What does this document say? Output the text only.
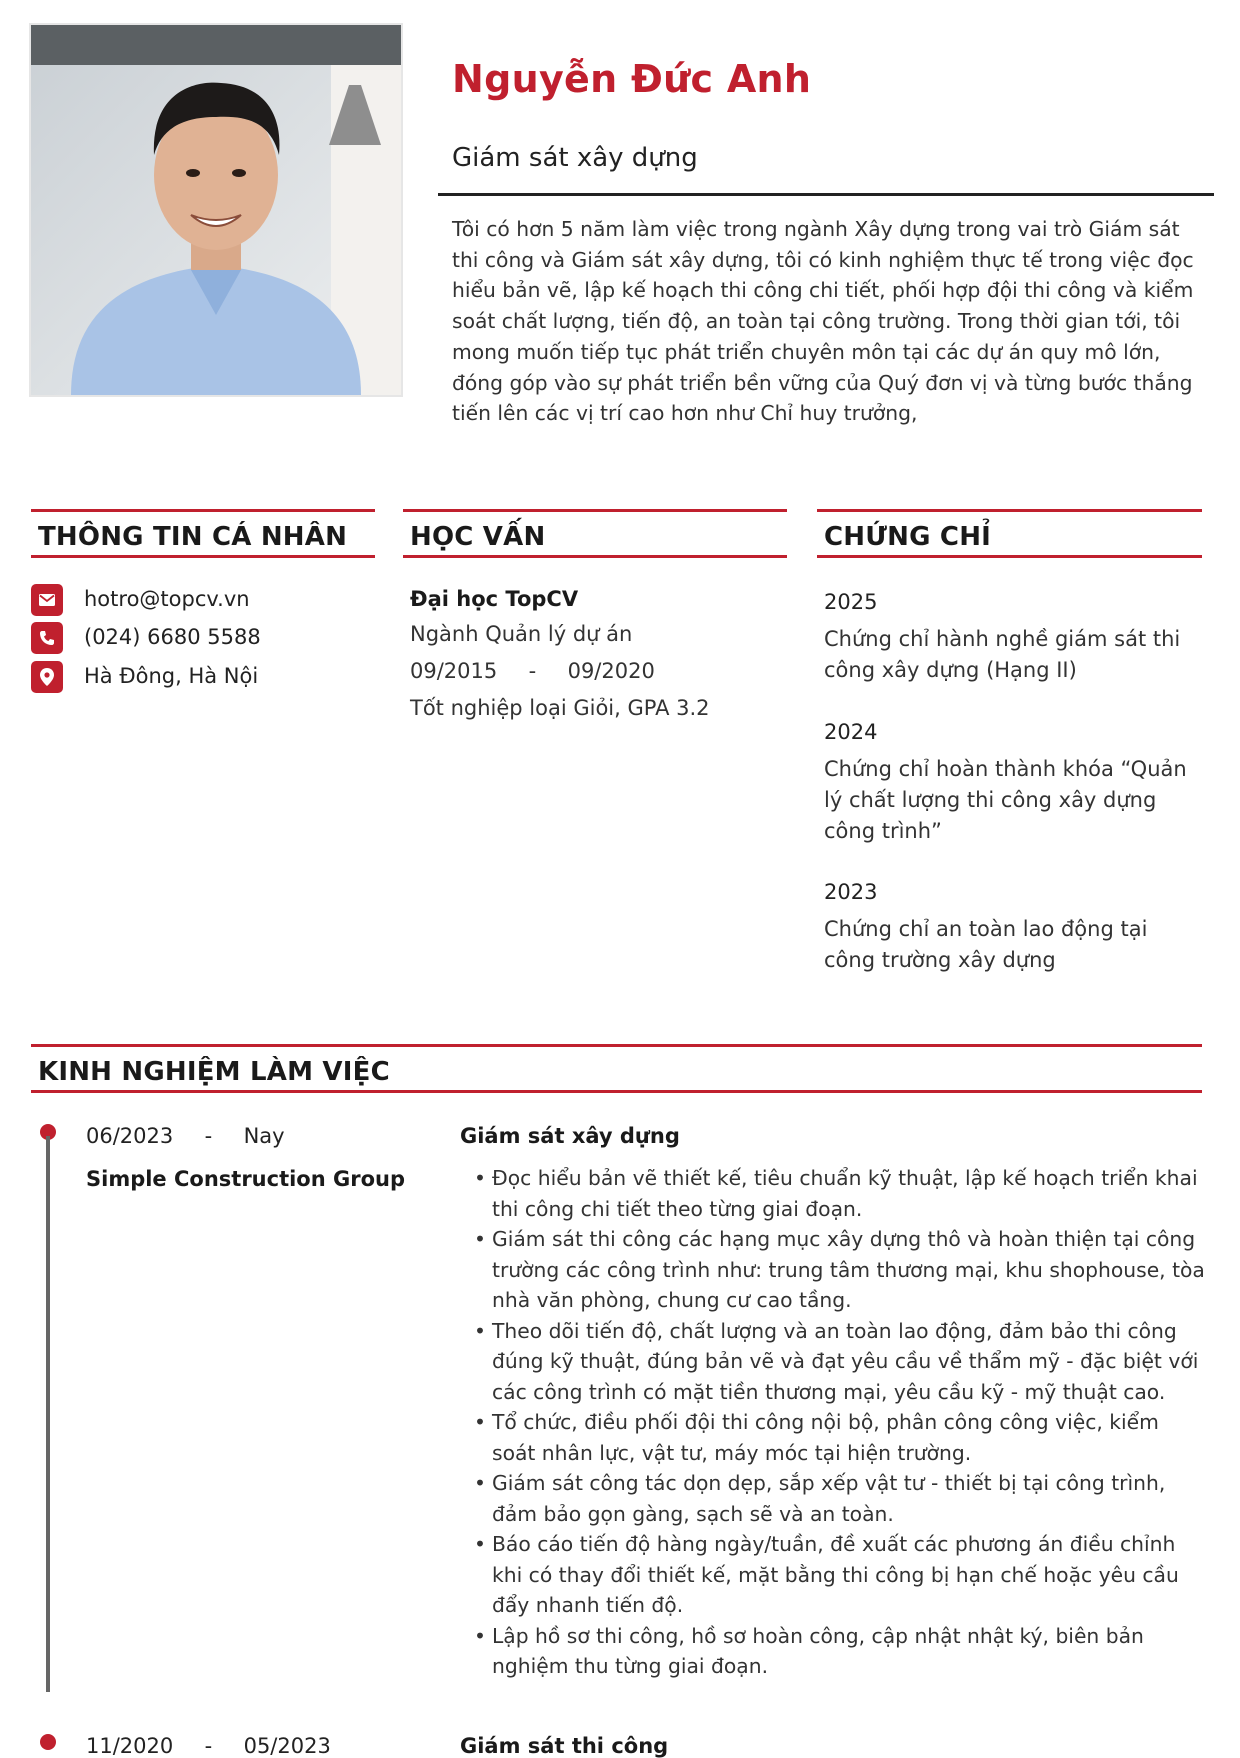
Nguyễn Đức Anh
Giám sát xây dựng
Tôi có hơn 5 năm làm việc trong ngành Xây dựng trong vai trò Giám sát thi công và Giám sát xây dựng, tôi có kinh nghiệm thực tế trong việc đọc hiểu bản vẽ, lập kế hoạch thi công chi tiết, phối hợp đội thi công và kiểm soát chất lượng, tiến độ, an toàn tại công trường. Trong thời gian tới, tôi mong muốn tiếp tục phát triển chuyên môn tại các dự án quy mô lớn, đóng góp vào sự phát triển bền vững của Quý đơn vị và từng bước thắng tiến lên các vị trí cao hơn như Chỉ huy trưởng,
THÔNG TIN CÁ NHÂN
hotro@topcv.vn
(024) 6680 5588
Hà Đông, Hà Nội
HỌC VẤN
Đại học TopCV
Ngành Quản lý dự án
09/2015 - 09/2020
Tốt nghiệp loại Giỏi, GPA 3.2
CHỨNG CHỈ
2025
Chứng chỉ hành nghề giám sát thi công xây dựng (Hạng II)
2024
Chứng chỉ hoàn thành khóa “Quản lý chất lượng thi công xây dựng công trình”
2023
Chứng chỉ an toàn lao động tại công trường xây dựng
KINH NGHIỆM LÀM VIỆC
06/2023 - Nay
Simple Construction Group
Giám sát xây dựng
• Đọc hiểu bản vẽ thiết kế, tiêu chuẩn kỹ thuật, lập kế hoạch triển khai thi công chi tiết theo từng giai đoạn.
• Giám sát thi công các hạng mục xây dựng thô và hoàn thiện tại công trường các công trình như: trung tâm thương mại, khu shophouse, tòa nhà văn phòng, chung cư cao tầng.
• Theo dõi tiến độ, chất lượng và an toàn lao động, đảm bảo thi công đúng kỹ thuật, đúng bản vẽ và đạt yêu cầu về thẩm mỹ - đặc biệt với các công trình có mặt tiền thương mại, yêu cầu kỹ - mỹ thuật cao.
• Tổ chức, điều phối đội thi công nội bộ, phân công công việc, kiểm soát nhân lực, vật tư, máy móc tại hiện trường.
• Giám sát công tác dọn dẹp, sắp xếp vật tư - thiết bị tại công trình, đảm bảo gọn gàng, sạch sẽ và an toàn.
• Báo cáo tiến độ hàng ngày/tuần, đề xuất các phương án điều chỉnh khi có thay đổi thiết kế, mặt bằng thi công bị hạn chế hoặc yêu cầu đẩy nhanh tiến độ.
• Lập hồ sơ thi công, hồ sơ hoàn công, cập nhật nhật ký, biên bản nghiệm thu từng giai đoạn.
11/2020 - 05/2023	Giám sát thi công
